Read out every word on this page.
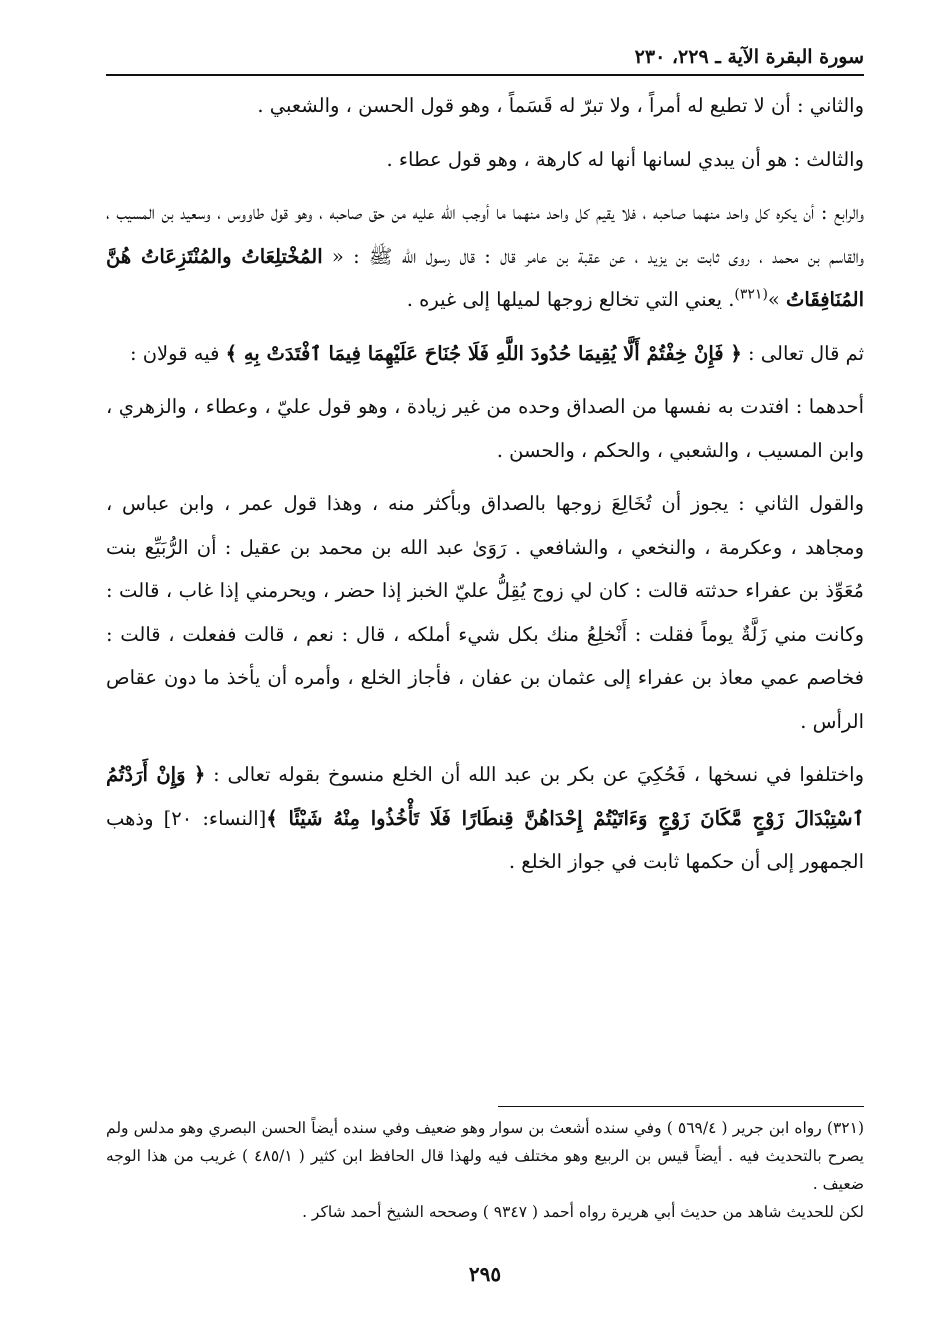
سورة البقرة الآية ـ ٢٢٩، ٢٣٠

والثاني : أن لا تطيع له أمراً ، ولا تبرّ له قَسَماً ، وهو قول الحسن ، والشعبي .

والثالث : هو أن يبدي لسانها أنها له كارهة ، وهو قول عطاء .

والرابع : أن يكره كل واحد منهما صاحبه ، فلا يقيم كل واحد منهما ما أوجب الله عليه من حق صاحبه ، وهو قول طاووس ، وسعيد بن المسيب ، والقاسم بن محمد ، روى ثابت بن يزيد ، عن عقبة بن عامر قال : قال رسول الله ﷺ : « المُخْتلِعَاتُ والمُنْتَزِعَاتُ هُنَّ المُنَافِقَاتُ »$^{(٣٢١)}$. يعني التي تخالع زوجها لميلها إلى غيره .

ثم قال تعالى : ﴿ فَإِنْ خِفْتُمْ أَلَّا يُقِيمَا حُدُودَ اللَّهِ فَلَا جُنَاحَ عَلَيْهِمَا فِيمَا ٱفْتَدَتْ بِهِ ﴾ فيه قولان :

أحدهما : افتدت به نفسها من الصداق وحده من غير زيادة ، وهو قول عليّ ، وعطاء ، والزهري ، وابن المسيب ، والشعبي ، والحكم ، والحسن .

والقول الثاني : يجوز أن تُخَالِعَ زوجها بالصداق وبأكثر منه ، وهذا قول عمر ، وابن عباس ، ومجاهد ، وعكرمة ، والنخعي ، والشافعي . رَوَىٰ عبد الله بن محمد بن عقيل : أن الرُّبَيِّع بنت مُعَوِّذ بن عفراء حدثته قالت : كان لي زوج يُقِلُّ عليّ الخبز إذا حضر ، ويحرمني إذا غاب ، قالت : وكانت مني زَلَّةٌ يوماً فقلت : أَنْخلِعُ منك بكل شيء أملكه ، قال : نعم ، قالت ففعلت ، قالت : فخاصم عمي معاذ بن عفراء إلى عثمان بن عفان ، فأجاز الخلع ، وأمره أن يأخذ ما دون عقاص الرأس .

واختلفوا في نسخها ، فَحُكِيَ عن بكر بن عبد الله أن الخلع منسوخ بقوله تعالى : ﴿ وَإِنْ أَرَدْتُمُ ٱسْتِبْدَالَ زَوْجٍ مَّكَانَ زَوْجٍ وَءَاتَيْتُمْ إِحْدَاهُنَّ قِنطَارًا فَلَا تَأْخُذُوا مِنْهُ شَيْئًا ﴾[النساء: ٢٠] وذهب الجمهور إلى أن حكمها ثابت في جواز الخلع .

(٣٢١) رواه ابن جرير ( ٥٦٩/٤ ) وفي سنده أشعث بن سوار وهو ضعيف وفي سنده أيضاً الحسن البصري وهو مدلس ولم يصرح بالتحديث فيه . أيضاً قيس بن الربيع وهو مختلف فيه ولهذا قال الحافظ ابن كثير ( ٤٨٥/١ ) غريب من هذا الوجه ضعيف .

لكن للحديث شاهد من حديث أبي هريرة رواه أحمد ( ٩٣٤٧ ) وصححه الشيخ أحمد شاكر .

٢٩٥
